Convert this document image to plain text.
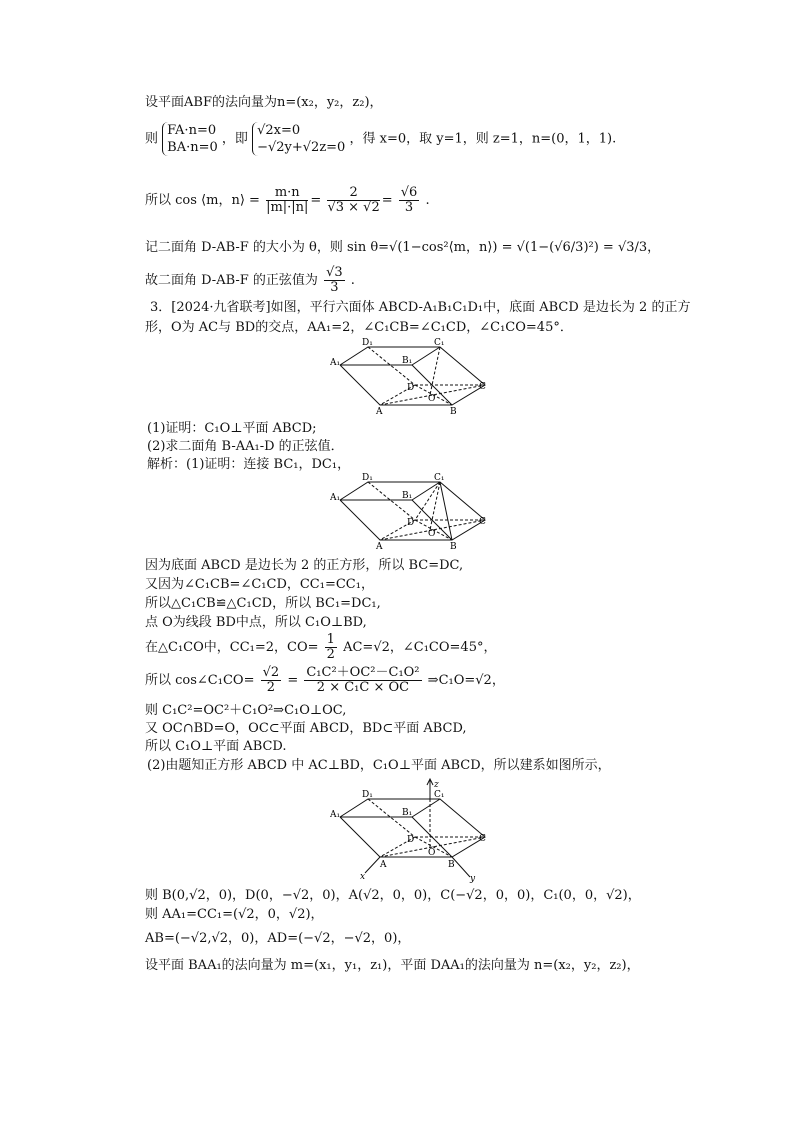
设平面ABF的法向量为n=(x₂，y₂，z₂)，
则
FA·n=0
BA·n=0
，即
√2x=0
−√2y+√2z=0
，得 x=0，取 y=1，则 z=1，n=(0，1，1).
所以 cos ⟨m，n⟩ = $\frac{m\cdot n}{|m|\cdot|n|} = \frac{2}{√3 \times √2} = \frac{√6}{3}$ .
记二面角 D-AB-F 的大小为 θ，则 sin θ=√(1−cos²⟨m，n⟩) = √(1−(√6/3)²) = √3/3，
故二面角 D-AB-F 的正弦值为 $\frac{√3}{3}$ .
3．[2024·九省联考]如图，平行六面体 ABCD-A₁B₁C₁D₁中，底面 ABCD 是边长为 2 的正方
形，O为 AC与 BD的交点，AA₁=2，∠C₁CB=∠C₁CD，∠C₁CO=45°．
D₁
A₁	B₁
C₁
C
D
O
A	B
(1)证明：C₁O⊥平面 ABCD;
(2)求二面角 B-AA₁-D 的正弦值．
解析：(1)证明：连接 BC₁，DC₁，
D₁
A₁	B₁
C₁
C
D
O
A	B
因为底面 ABCD 是边长为 2 的正方形，所以 BC=DC,
又因为∠C₁CB=∠C₁CD，CC₁=CC₁，
所以△C₁CB≌△C₁CD，所以 BC₁=DC₁,
点 O为线段 BD中点，所以 C₁O⊥BD,
在△C₁CO中，CC₁=2，$CO= \frac{1}{2} AC=√2$，∠C₁CO=45°，
所以 cos∠C₁CO= $\frac{√2}{2} = \frac{\text{C₁C²＋OC²－C₁O²}}{\text{2 × C₁C × OC}}$ ⇒C₁O=√2，
则 C₁C²=OC²＋C₁O²⇒C₁O⊥OC,
又 OC∩BD=O，OC⊂平面 ABCD，BD⊂平面 ABCD,
所以 C₁O⊥平面 ABCD.
(2)由题知正方形 ABCD 中 AC⊥BD，C₁O⊥平面 ABCD，所以建系如图所示，
z
x	y
D₁
A₁	B₁
C₁
C
D
O
A	B
则 B(0,√2，0)，D(0，−√2，0)，A(√2，0，0)，C(−√2，0，0)，C₁(0，0，√2)，
则 AA₁=CC₁=(√2，0，√2)，
AB=(−√2,√2，0)，AD=(−√2，−√2，0)，
设平面 BAA₁的法向量为 m=(x₁，y₁，z₁)，平面 DAA₁的法向量为 n=(x₂，y₂，z₂)，
